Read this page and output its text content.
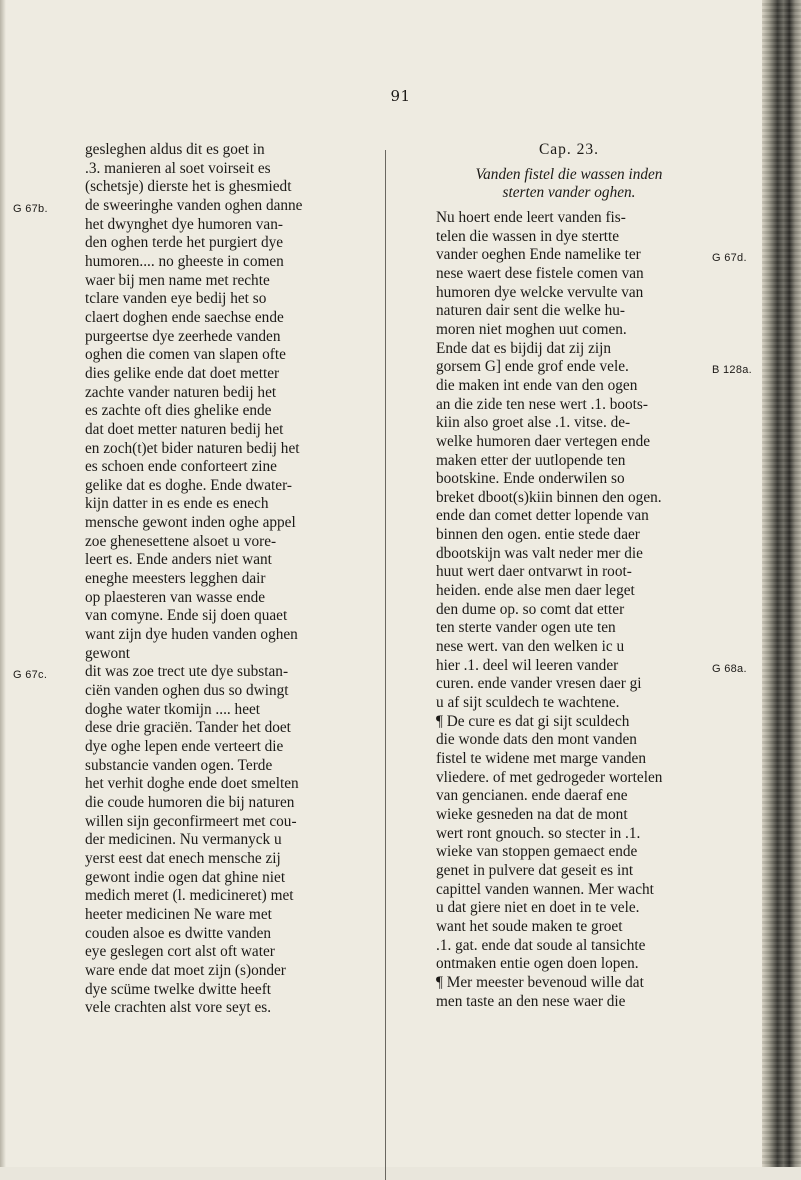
91
gesleghen aldus dit es goet in
.3. manieren al soet voirseit es
(schetsje) dierste het is ghesmiedt
de sweeringhe vanden oghen danne
G 67b.
het dwynghet dye humoren van-
den oghen terde het purgiert dye
humoren.... no gheeste in comen
waer bij men name met rechte
tclare vanden eye bedij het so
claert doghen ende saechse ende
purgeertse dye zeerhede vanden
oghen die comen van slapen ofte
dies gelike ende dat doet metter
zachte vander naturen bedij het
es zachte oft dies ghelike ende
dat doet metter naturen bedij het
en zoch(t)et bider naturen bedij het
es schoen ende conforteert zine
gelike dat es doghe. Ende dwater-
kijn datter in es ende es enech
mensche gewont inden oghe appel
zoe ghenesettene alsoet u vore-
leert es. Ende anders niet want
eneghe meesters legghen dair
op plaesteren van wasse ende
van comyne. Ende sij doen quaet
want zijn dye huden vanden oghen
gewont
dit was zoe trect ute dye substan-
G 67c.
ciën vanden oghen dus so dwingt
doghe water tkomijn .... heet
dese drie graciën. Tander het doet
dye oghe lepen ende verteert die
substancie vanden ogen. Terde
het verhit doghe ende doet smelten
die coude humoren die bij naturen
willen sijn geconfirmeert met cou-
der medicinen. Nu vermanyck u
yerst eest dat enech mensche zij
gewont indie ogen dat ghine niet
medich meret (l. medicineret) met
heeter medicinen Ne ware met
couden alsoe es dwitte vanden
eye geslegen cort alst oft water
ware ende dat moet zijn (s)onder
dye scüme twelke dwitte heeft
vele crachten alst vore seyt es.
Cap. 23.
Vanden fistel die wassen inden
sterten vander oghen.
Nu hoert ende leert vanden fis-
telen die wassen in dye stertte
vander oeghen Ende namelike ter	G 67d.
nese waert dese fistele comen van
humoren dye welcke vervulte van
naturen dair sent die welke hu-
moren niet moghen uut comen.
Ende dat es bijdij dat zij zijn
gorsem G] ende grof ende vele.	B 128a.
die maken int ende van den ogen
an die zide ten nese wert .1. boots-
kiin also groet alse .1. vitse. de-
welke humoren daer vertegen ende
maken etter der uutlopende ten
bootskine. Ende onderwilen so
breket dboot(s)kiin binnen den ogen.
ende dan comet detter lopende van
binnen den ogen. entie stede daer
dbootskijn was valt neder mer die
huut wert daer ontvarwt in root-
heiden. ende alse men daer leget
den dume op. so comt dat etter
ten sterte vander ogen ute ten
nese wert. van den welken ic u
hier .1. deel wil leeren vander	G 68a.
curen. ende vander vresen daer gi
u af sijt sculdech te wachtene.
¶ De cure es dat gi sijt sculdech
die wonde dats den mont vanden
fistel te widene met marge vanden
vliedere. of met gedrogeder wortelen
van gencianen. ende daeraf ene
wieke gesneden na dat de mont
wert ront gnouch. so stecter in .1.
wieke van stoppen gemaect ende
genet in pulvere dat geseit es int
capittel vanden wannen. Mer wacht
u dat giere niet en doet in te vele.
want het soude maken te groet
.1. gat. ende dat soude al tansichte
ontmaken entie ogen doen lopen.
¶ Mer meester bevenoud wille dat
men taste an den nese waer die
